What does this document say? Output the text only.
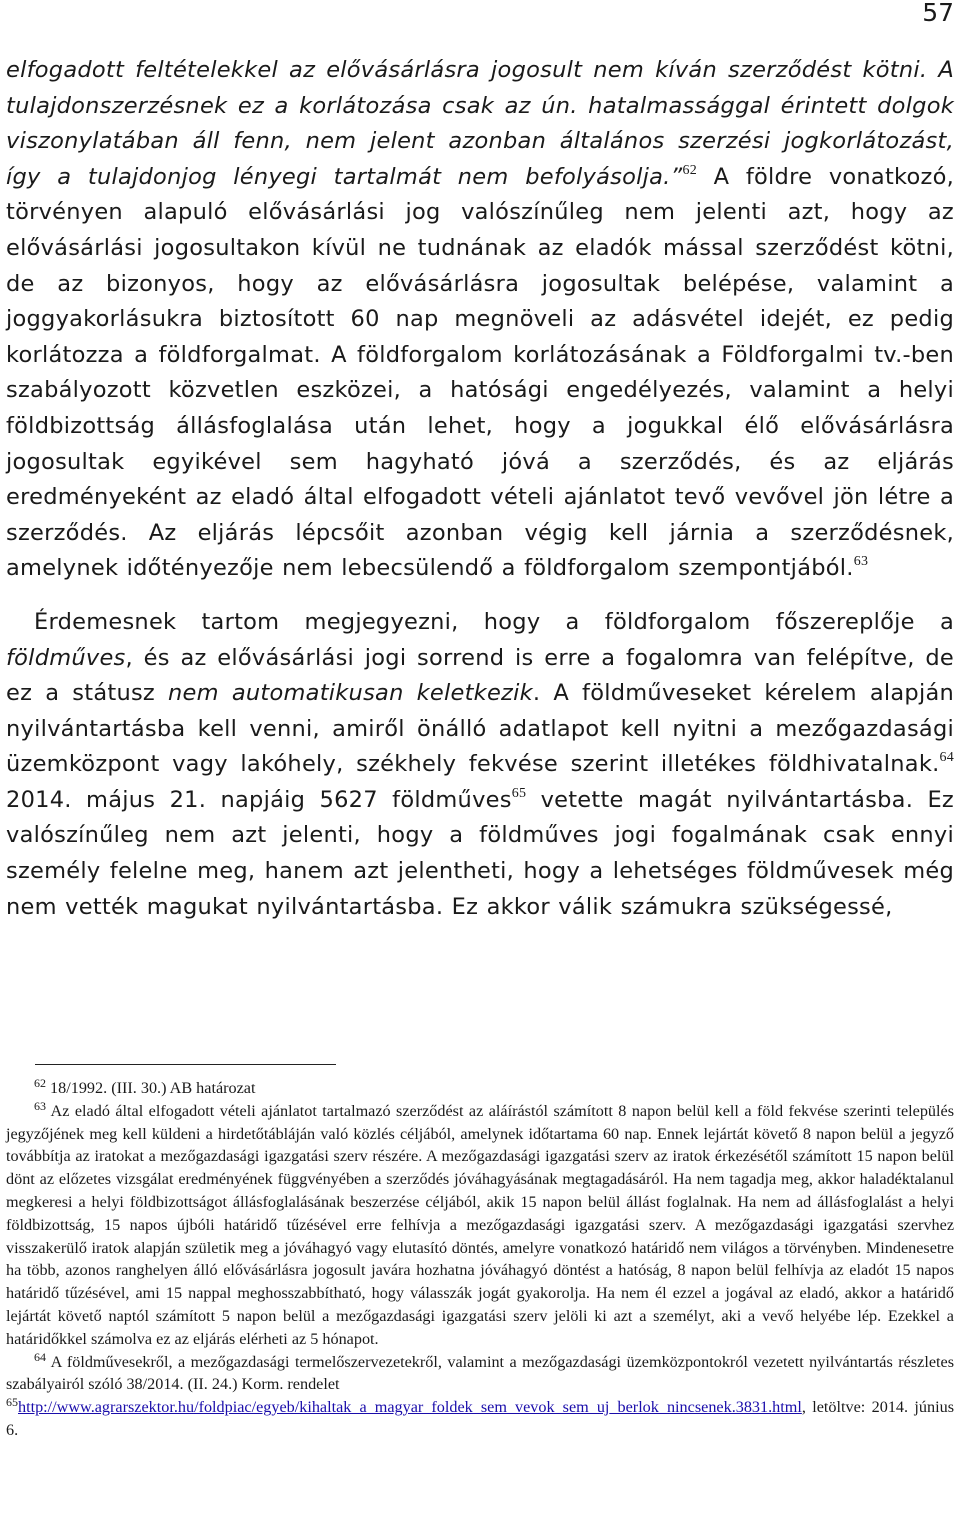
57

elfogadott feltételekkel az elővásárlásra jogosult nem kíván szerződést kötni. A tulajdonszerzésnek ez a korlátozása csak az ún. hatalmassággal érintett dolgok viszonylatában áll fenn, nem jelent azonban általános szerzési jogkorlátozást, így a tulajdonjog lényegi tartalmát nem befolyásolja.”$^{62}$ A földre vonatkozó, törvényen alapuló elővásárlási jog valószínűleg nem jelenti azt, hogy az elővásárlási jogosultakon kívül ne tudnának az eladók mással szerződést kötni, de az bizonyos, hogy az elővásárlásra jogosultak belépése, valamint a joggyakorlásukra biztosított 60 nap megnöveli az adásvétel idejét, ez pedig korlátozza a földforgalmat. A földforgalom korlátozásának a Földforgalmi tv.-ben szabályozott közvetlen eszközei, a hatósági engedélyezés, valamint a helyi földbizottság állásfoglalása után lehet, hogy a jogukkal élő elővásárlásra jogosultak egyikével sem hagyható jóvá a szerződés, és az eljárás eredményeként az eladó által elfogadott vételi ajánlatot tevő vevővel jön létre a szerződés. Az eljárás lépcsőit azonban végig kell járnia a szerződésnek, amelynek időtényezője nem lebecsülendő a földforgalom szempontjából.$^{63}$

Érdemesnek tartom megjegyezni, hogy a földforgalom főszereplője a földműves, és az elővásárlási jogi sorrend is erre a fogalomra van felépítve, de ez a státusz nem automatikusan keletkezik. A földművеseket kérelem alapján nyilvántartásba kell venni, amiről önálló adatlapot kell nyitni a mezőgazdasági üzemközpont vagy lakóhely, székhely fekvése szerint illetékes földhivatalnak.$^{64}$ 2014. május 21. napjáig 5627 földműves$^{65}$ vetette magát nyilvántartásba. Ez valószínűleg nem azt jelenti, hogy a földműves jogi fogalmának csak ennyi személy felelne meg, hanem azt jelentheti, hogy a lehetséges földművesek még nem vették magukat nyilvántartásba. Ez akkor válik számukra szükségessé,

$^{62}$ 18/1992. (III. 30.) AB határozat

$^{63}$ Az eladó által elfogadott vételi ajánlatot tartalmazó szerződést az aláírástól számított 8 napon belül kell a föld fekvése szerinti település jegyzőjének meg kell küldeni a hirdetőtábláján való közlés céljából, amelynek időtartama 60 nap. Ennek lejártát követő 8 napon belül a jegyző továbbítja az iratokat a mezőgazdasági igazgatási szerv részére. A mezőgazdasági igazgatási szerv az iratok érkezésétől számított 15 napon belül dönt az előzetes vizsgálat eredményének függvényében a szerződés jóváhagyásának megtagadásáról. Ha nem tagadja meg, akkor haladéktalanul megkeresi a helyi földbizottságot állásfoglalásának beszerzése céljából, akik 15 napon belül állást foglalnak. Ha nem ad állásfoglalást a helyi földbizottság, 15 napos újbóli határidő tűzésével erre felhívja a mezőgazdasági igazgatási szerv. A mezőgazdasági igazgatási szervhez visszakerülő iratok alapján születik meg a jóváhagyó vagy elutasító döntés, amelyre vonatkozó határidő nem világos a törvényben. Mindenesetre ha több, azonos ranghelyen álló elővásárlásra jogosult javára hozhatna jóváhagyó döntést a hatóság, 8 napon belül felhívja az eladót 15 napos határidő tűzésével, ami 15 nappal meghosszabbítható, hogy válasszák jogát gyakorolja. Ha nem él ezzel a jogával az eladó, akkor a határidő lejártát követő naptól számított 5 napon belül a mezőgazdasági igazgatási szerv jelöli ki azt a személyt, aki a vevő helyébe lép. Ezekkel a határidőkkel számolva ez az eljárás elérheti az 5 hónapot.

$^{64}$ A földművesekről, a mezőgazdasági termelőszervezetekről, valamint a mezőgazdasági üzemközpontokról vezetett nyilvántartás részletes szabályairól szóló 38/2014. (II. 24.) Korm. rendelet

$^{65}$http://www.agrarszektor.hu/foldpiac/egyeb/kihaltak_a_magyar_foldek_sem_vevok_sem_uj_berlok_nincsenek.3831.html, letöltve: 2014. június 6.
